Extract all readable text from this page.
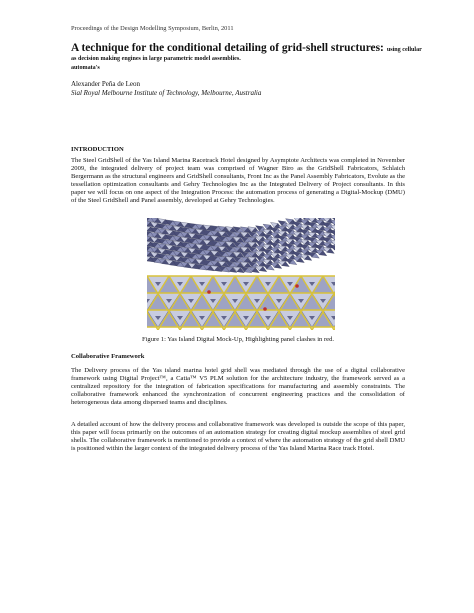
Proceedings of the Design Modelling Symposium, Berlin, 2011
A technique for the conditional detailing of grid-shell structures: using cellular automata's
as decision making engines in large parametric model assemblies.
Alexander Peña de Leon
Sial Royal Melbourne Institute of Technology, Melbourne, Australia
INTRODUCTION

The Steel GridShell of the Yas Island Marina Racetrack Hotel designed by Asymptote Architects was completed in November 2009, the integrated delivery of project team was comprised of Wagner Biro as the GridShell Fabricators, Schlaich Bergermann as the structural engineers and GridShell consultants, Front Inc as the Panel Assembly Fabricators, Evolute as the tessellation optimization consultants and Gehry Technologies Inc as the Integrated Delivery of Project consultants. In this paper we will focus on one aspect of the Integration Process: the automation process of generating a Digital-Mockup (DMU) of the Steel GridShell and Panel assembly, developed at Gehry Technologies.

Figure 1: Yas Island Digital Mock-Up, Highlighting panel clashes in red.
Collaborative Framework

The Delivery process of the Yas island marina hotel grid shell was mediated through the use of a digital collaborative framework using Digital Project™, a Catia™ V5 PLM solution for the architecture industry, the framework served as a centralized repository for the integration of fabrication specifications for manufacturing and assembly constraints. The collaborative framework enhanced the synchronization of concurrent engineering practices and the consolidation of heterogeneous data among dispersed teams and disciplines.

A detailed account of how the delivery process and collaborative framework was developed is outside the scope of this paper, this paper will focus primarily on the outcomes of an automation strategy for creating digital mockup assemblies of steel grid shells. The collaborative framework is mentioned to provide a context of where the automation strategy of the grid shell DMU is positioned within the larger context of the integrated delivery process of the Yas Island Marina Race track Hotel.
